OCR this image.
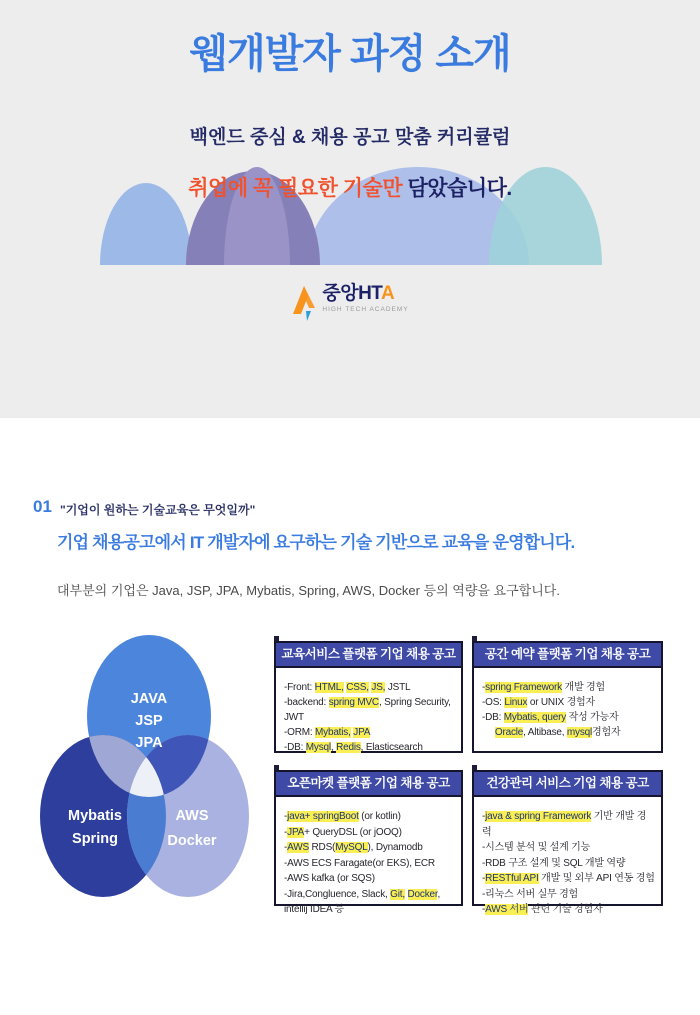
웹개발자 과정 소개
백엔드 중심 & 채용 공고 맞춤 커리큘럼
취업에 꼭 필요한 기술만 담았습니다.
중앙HTA
HIGH TECH ACADEMY
01 "기업이 원하는 기술교육은 무엇일까"
기업 채용공고에서 IT 개발자에 요구하는 기술 기반으로 교육을 운영합니다.
대부분의 기업은 Java, JSP, JPA, Mybatis, Spring, AWS, Docker 등의 역량을 요구합니다.
JAVA
JSP
JPA
Mybatis
Spring
AWS
Docker
교육서비스 플랫폼 기업 채용 공고
-Front: HTML, CSS, JS, JSTL
-backend: spring MVC, Spring Security, JWT
-ORM: Mybatis, JPA
-DB: Mysql, Redis, Elasticsearch
공간 예약 플랫폼 기업 채용 공고
-spring Framework 개발 경험
-OS: Linux or UNIX 경험자
-DB: Mybatis, query 작성 가능자
Oracle, Altibase, mysql경험자
오픈마켓 플랫폼 기업 채용 공고
-java+ springBoot (or kotlin)
-JPA+ QueryDSL (or jOOQ)
-AWS RDS(MySQL), Dynamodb
-AWS ECS Faragate(or EKS), ECR
-AWS kafka (or SQS)
-Jira,Congluence, Slack, Git, Docker, intellij IDEA 등
건강관리 서비스 기업 채용 공고
-java & spring Framework 기반 개발 경력
-시스템 분석 및 설계 기능
-RDB 구조 설계 및 SQL 개발 역량
-RESTful API 개발 및 외부 API 연동 경험
-리눅스 서버 실무 경험
-AWS 서버 관련 기술 경험자
